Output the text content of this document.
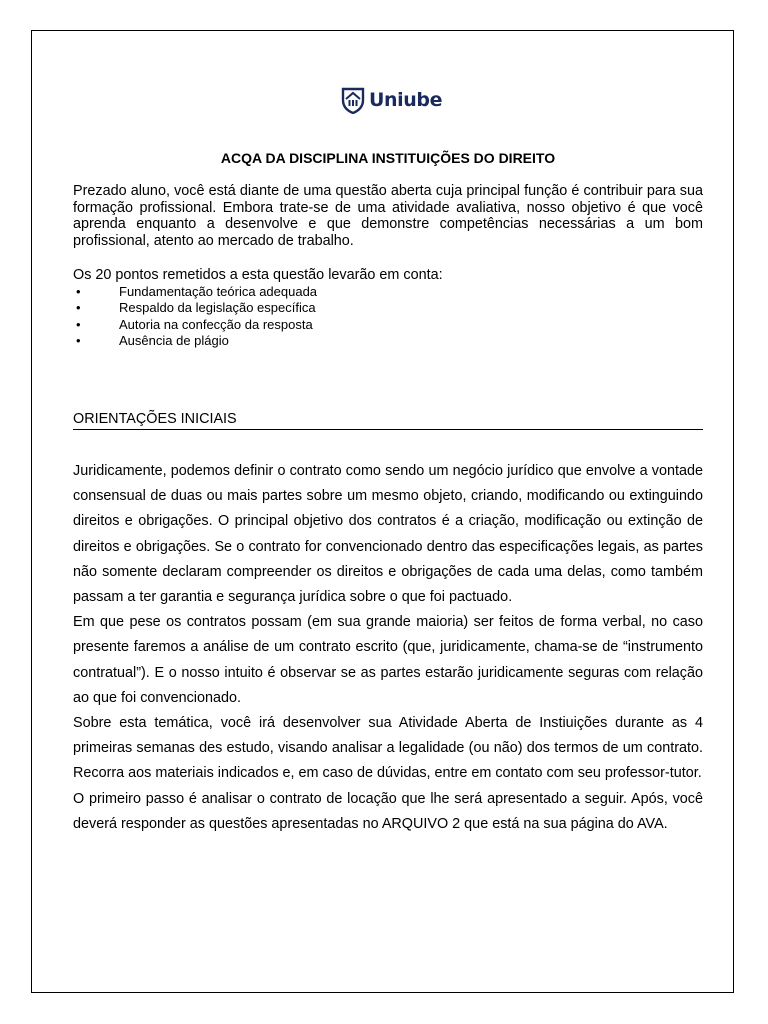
Uniube
ACQA DA DISCIPLINA INSTITUIÇÕES DO DIREITO

Prezado aluno, você está diante de uma questão aberta cuja principal função é contribuir para sua formação profissional. Embora trate-se de uma atividade avaliativa, nosso objetivo é que você aprenda enquanto a desenvolve e que demonstre competências necessárias a um bom profissional, atento ao mercado de trabalho.

Os 20 pontos remetidos a esta questão levarão em conta:

•	Fundamentação teórica adequada
•	Respaldo da legislação específica
•	Autoria na confecção da resposta
•	Ausência de plágio
ORIENTAÇÕES INICIAIS

Juridicamente, podemos definir o contrato como sendo um negócio jurídico que envolve a vontade consensual de duas ou mais partes sobre um mesmo objeto, criando, modificando ou extinguindo direitos e obrigações. O principal objetivo dos contratos é a criação, modificação ou extinção de direitos e obrigações. Se o contrato for convencionado dentro das especificações legais, as partes não somente declaram compreender os direitos e obrigações de cada uma delas, como também passam a ter garantia e segurança jurídica sobre o que foi pactuado.

Em que pese os contratos possam (em sua grande maioria) ser feitos de forma verbal, no caso presente faremos a análise de um contrato escrito (que, juridicamente, chama-se de “instrumento contratual”). E o nosso intuito é observar se as partes estarão juridicamente seguras com relação ao que foi convencionado.

Sobre esta temática, você irá desenvolver sua Atividade Aberta de Instiuições durante as 4 primeiras semanas des estudo, visando analisar a legalidade (ou não) dos termos de um contrato. Recorra aos materiais indicados e, em caso de dúvidas, entre em contato com seu professor-tutor.

O primeiro passo é analisar o contrato de locação que lhe será apresentado a seguir. Após, você deverá responder as questões apresentadas no ARQUIVO 2 que está na sua página do AVA.
